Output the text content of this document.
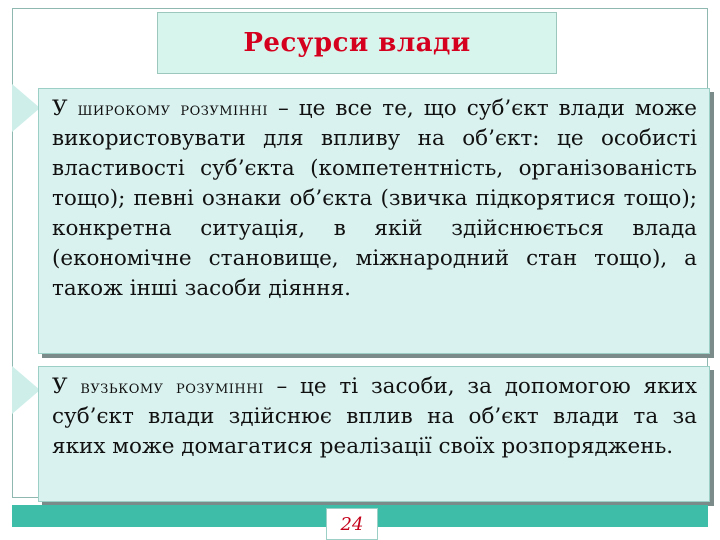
Ресурси влади

У широкому розумінні – це все те, що суб’єкт влади може використовувати для впливу на об’єкт: це особисті властивості суб’єкта (компетентність, організованість тощо); певні ознаки об’єкта (звичка підкорятися тощо); конкретна ситуація, в якій здійснюється влада (економічне становище, міжнародний стан тощо), а також інші засоби діяння.

У вузькому розумінні – це ті засоби, за допомогою яких суб’єкт влади здійснює вплив на об’єкт влади та за яких може домагатися реалізації своїх розпоряджень.

24
